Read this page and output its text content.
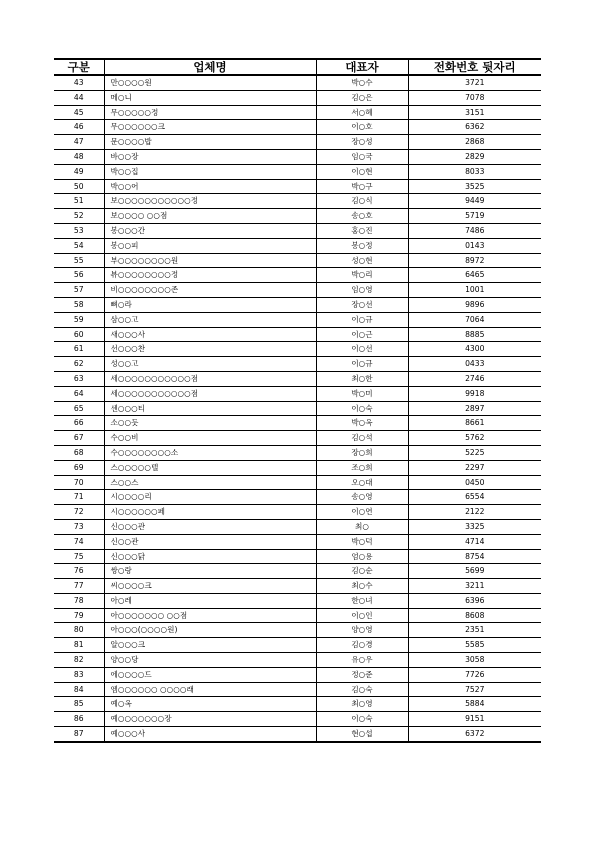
구분	업체명	대표자	전화번호 뒷자리
43	만○○○○원	박○수	3721
44	메○니	김○은	7078
45	무○○○○○정	서○혜	3151
46	무○○○○○○크	이○호	6362
47	문○○○○밥	장○성	2868
48	바○○장	임○국	2829
49	박○○집	이○현	8033
50	박○○어	박○구	3525
51	보○○○○○○○○○○○정	김○식	9449
52	보○○○○ ○○점	송○호	5719
53	봉○○○간	홍○진	7486
54	봉○○피	봉○정	0143
55	부○○○○○○○○원	성○현	8972
56	뷰○○○○○○○○정	박○리	6465
57	비○○○○○○○○존	임○영	1001
58	뼈○라	장○선	9896
59	삼○○고	이○규	7064
60	새○○○사	이○근	8885
61	선○○○찬	이○선	4300
62	성○○고	이○규	0433
63	세○○○○○○○○○○○점	최○한	2746
64	세○○○○○○○○○○○점	박○미	9918
65	센○○○티	이○숙	2897
66	소○○듯	박○옥	8661
67	수○○비	김○석	5762
68	수○○○○○○○○소	장○희	5225
69	스○○○○○텔	조○희	2297
70	스○○스	오○대	0450
71	시○○○○리	송○영	6554
72	시○○○○○○페	이○연	2122
73	신○○○관	최○	3325
74	신○○관	박○덕	4714
75	신○○○닭	엄○용	8754
76	쌍○랑	김○순	5699
77	씨○○○○크	최○수	3211
78	아○레	한○녀	6396
79	아○○○○○○○ ○○점	이○인	8608
80	아○○○(○○○○원)	양○영	2351
81	알○○○크	김○경	5585
82	양○○당	유○우	3058
83	에○○○○드	정○준	7726
84	엠○○○○○○ ○○○○래	김○숙	7527
85	예○옥	최○영	5884
86	예○○○○○○○장	이○숙	9151
87	예○○○사	현○섭	6372
